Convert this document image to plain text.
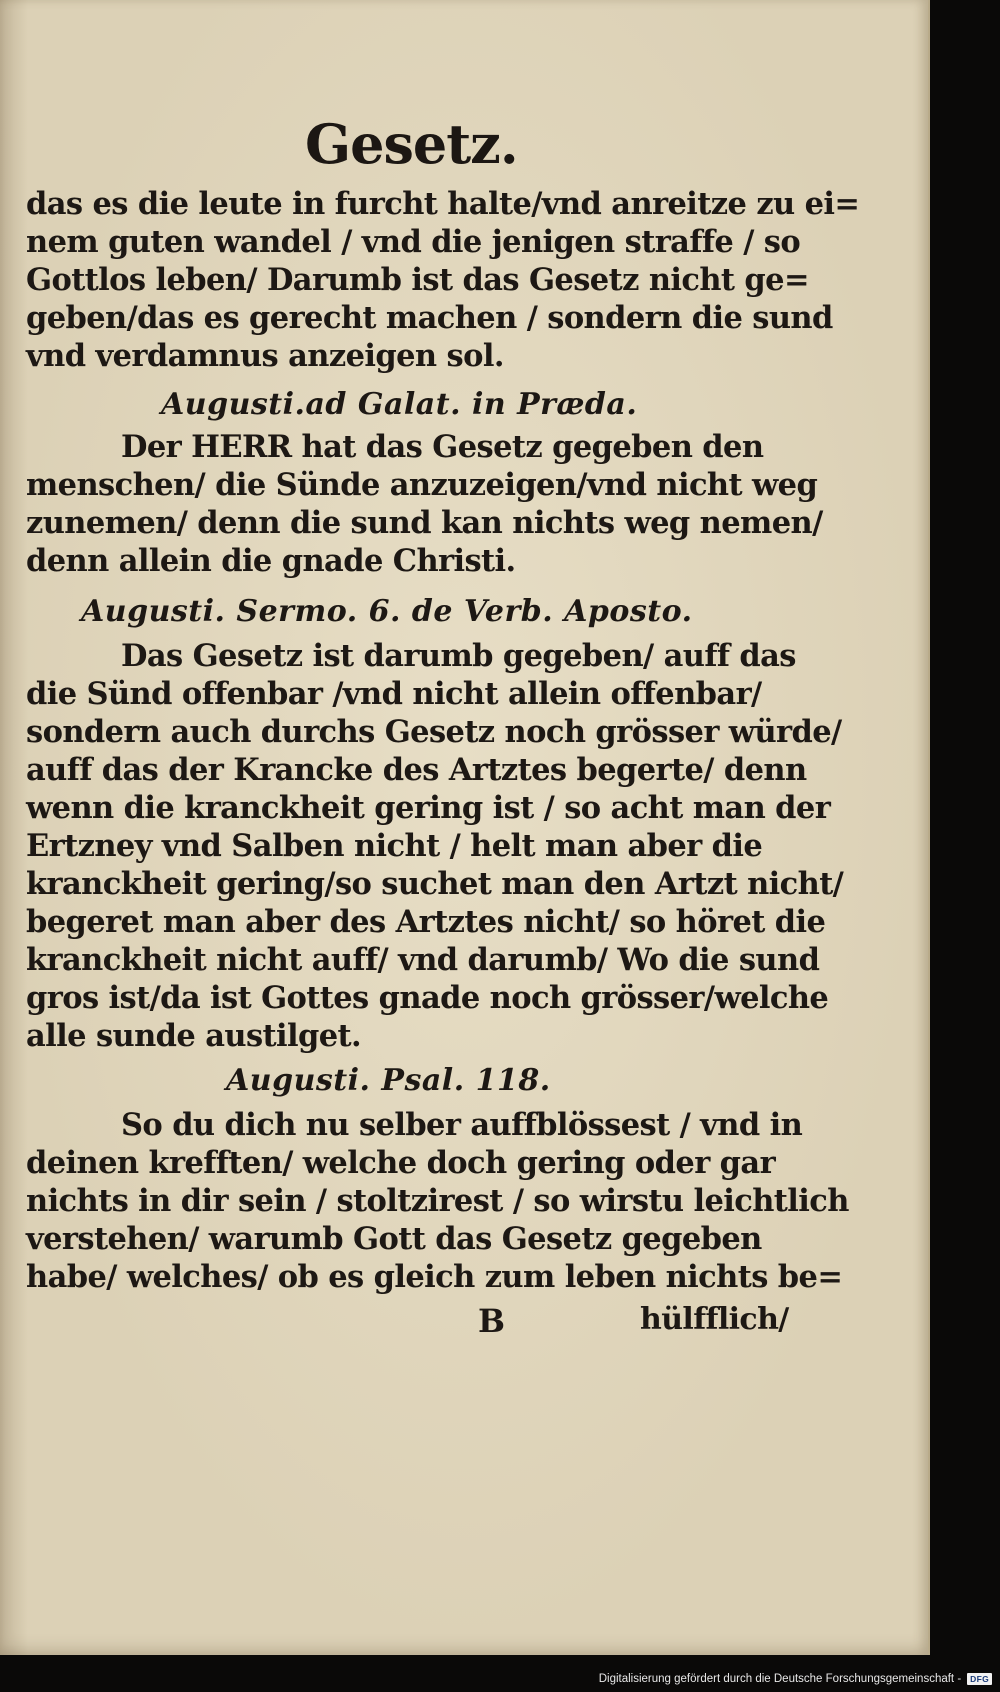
Gesetz.
das es die leute in furcht halte/vnd anreitze zu ei=
nem guten wandel / vnd die jenigen straffe / so
Gottlos leben/ Darumb ist das Gesetz nicht ge=
geben/das es gerecht machen / sondern die sund
vnd verdamnus anzeigen sol.
Augusti.ad Galat. in Præda.
Der HERR hat das Gesetz gegeben den
menschen/ die Sünde anzuzeigen/vnd nicht weg
zunemen/ denn die sund kan nichts weg nemen/
denn allein die gnade Christi.
Augusti. Sermo. 6. de Verb. Aposto.
Das Gesetz ist darumb gegeben/ auff das
die Sünd offenbar /vnd nicht allein offenbar/
sondern auch durchs Gesetz noch grösser würde/
auff das der Krancke des Artztes begerte/ denn
wenn die kranckheit gering ist / so acht man der
Ertzney vnd Salben nicht / helt man aber die
kranckheit gering/so suchet man den Artzt nicht/
begeret man aber des Artztes nicht/ so höret die
kranckheit nicht auff/ vnd darumb/ Wo die sund
gros ist/da ist Gottes gnade noch grösser/welche
alle sunde austilget.
Augusti. Psal. 118.
So du dich nu selber auffblössest / vnd in
deinen krefften/ welche doch gering oder gar
nichts in dir sein / stoltzirest / so wirstu leichtlich
verstehen/ warumb Gott das Gesetz gegeben
habe/ welches/ ob es gleich zum leben nichts be=
B	hülfflich/
Digitalisierung gefördert durch die Deutsche Forschungsgemeinschaft -	DFG
